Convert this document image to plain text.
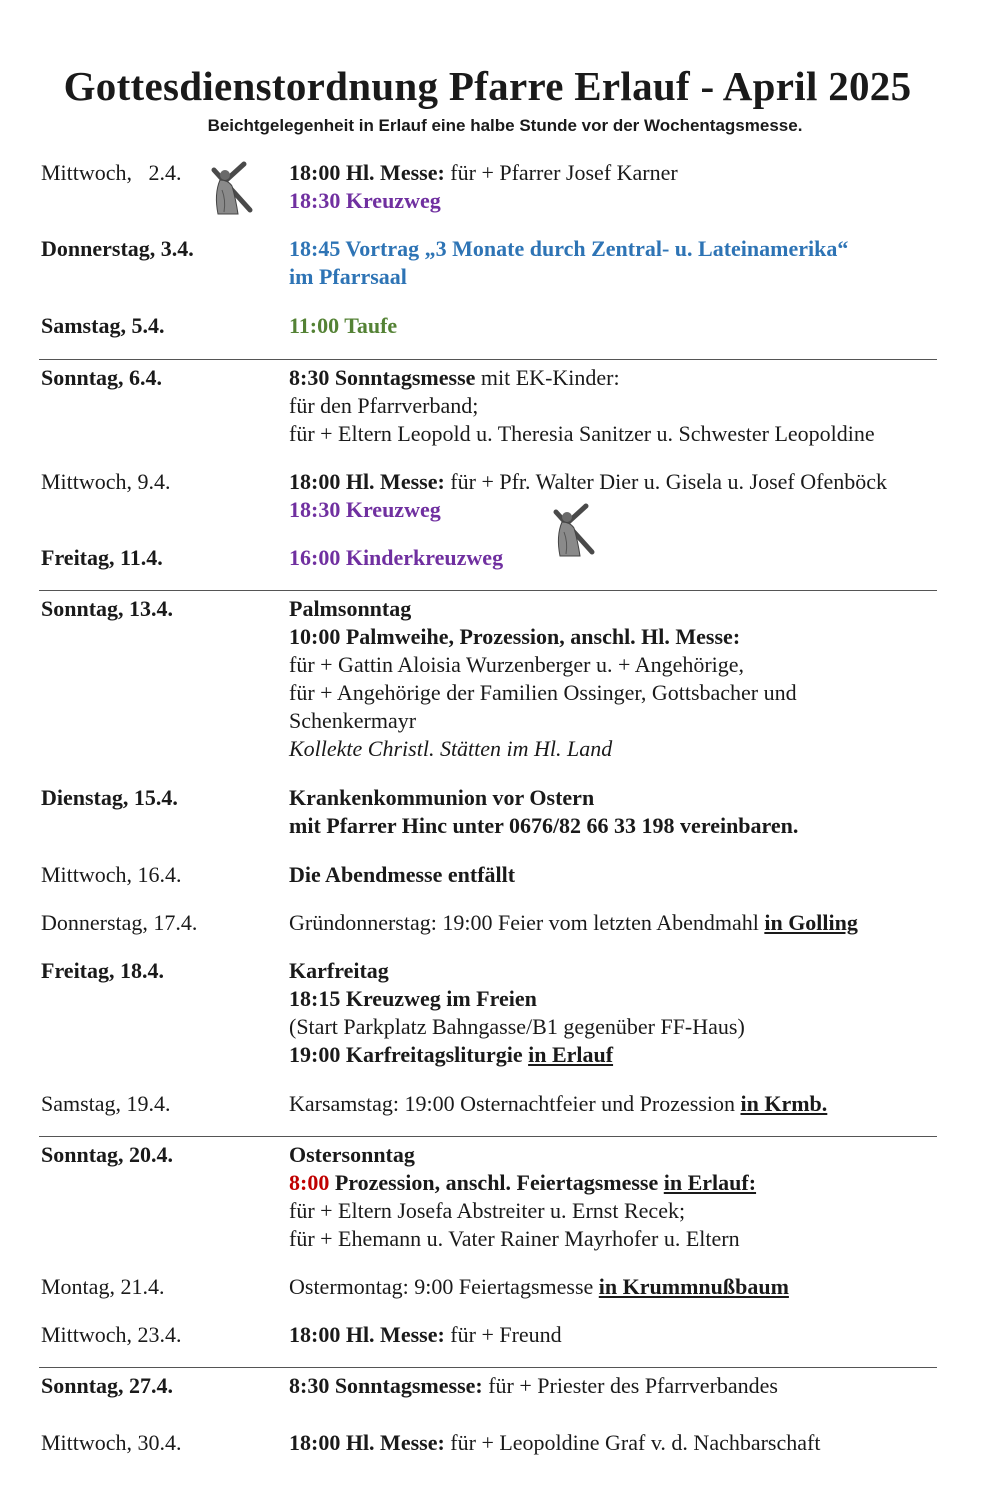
Gottesdienstordnung Pfarre Erlauf - April 2025

Beichtgelegenheit in Erlauf eine halbe Stunde vor der Wochentagsmesse.

Mittwoch,   2.4.	18:00 Hl. Messe: für + Pfarrer Josef Karner
18:30 Kreuzweg
Donnerstag, 3.4.	18:45 Vortrag „3 Monate durch Zentral- u. Lateinamerika“
im Pfarrsaal
Samstag, 5.4.	11:00 Taufe
Sonntag, 6.4.	8:30 Sonntagsmesse mit EK-Kinder:
für den Pfarrverband;
für + Eltern Leopold u. Theresia Sanitzer u. Schwester Leopoldine
Mittwoch, 9.4.	18:00 Hl. Messe: für + Pfr. Walter Dier u. Gisela u. Josef Ofenböck
18:30 Kreuzweg
Freitag, 11.4.	16:00 Kinderkreuzweg
Sonntag, 13.4.	Palmsonntag
10:00 Palmweihe, Prozession, anschl. Hl. Messe:
für + Gattin Aloisia Wurzenberger u. + Angehörige,
für + Angehörige der Familien Ossinger, Gottsbacher und
Schenkermayr
Kollekte Christl. Stätten im Hl. Land
Dienstag, 15.4.	Krankenkommunion vor Ostern
mit Pfarrer Hinc unter 0676/82 66 33 198 vereinbaren.
Mittwoch, 16.4.	Die Abendmesse entfällt
Donnerstag, 17.4.	Gründonnerstag: 19:00 Feier vom letzten Abendmahl in Golling
Freitag, 18.4.	Karfreitag
18:15 Kreuzweg im Freien
(Start Parkplatz Bahngasse/B1 gegenüber FF-Haus)
19:00 Karfreitagsliturgie in Erlauf
Samstag, 19.4.	Karsamstag: 19:00 Osternachtfeier und Prozession in Krmb.
Sonntag, 20.4.	Ostersonntag
8:00 Prozession, anschl. Feiertagsmesse in Erlauf:
für + Eltern Josefa Abstreiter u. Ernst Recek;
für + Ehemann u. Vater Rainer Mayrhofer u. Eltern
Montag, 21.4.	Ostermontag: 9:00 Feiertagsmesse in Krummnußbaum
Mittwoch, 23.4.	18:00 Hl. Messe: für + Freund
Sonntag, 27.4.	8:30 Sonntagsmesse: für + Priester des Pfarrverbandes
Mittwoch, 30.4.	18:00 Hl. Messe: für + Leopoldine Graf v. d. Nachbarschaft
